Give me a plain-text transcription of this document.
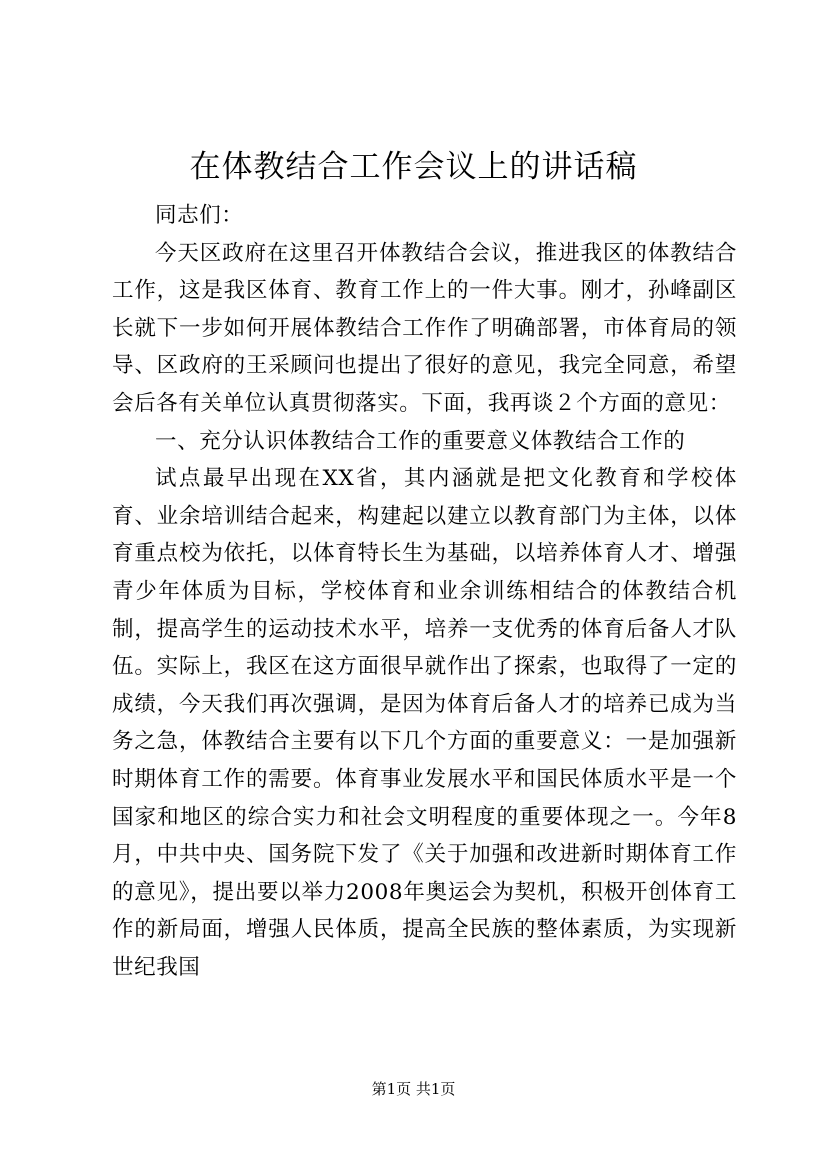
在体教结合工作会议上的讲话稿

同志们：

今天区政府在这里召开体教结合会议，推进我区的体教结合工作，这是我区体育、教育工作上的一件大事。刚才，孙峰副区长就下一步如何开展体教结合工作作了明确部署，市体育局的领导、区政府的王采顾问也提出了很好的意见，我完全同意，希望会后各有关单位认真贯彻落实。下面，我再谈２个方面的意见：

一、充分认识体教结合工作的重要意义体教结合工作的

试点最早出现在XX省，其内涵就是把文化教育和学校体育、业余培训结合起来，构建起以建立以教育部门为主体，以体育重点校为依托，以体育特长生为基础，以培养体育人才、增强青少年体质为目标，学校体育和业余训练相结合的体教结合机制，提高学生的运动技术水平，培养一支优秀的体育后备人才队伍。实际上，我区在这方面很早就作出了探索，也取得了一定的成绩，今天我们再次强调，是因为体育后备人才的培养已成为当务之急，体教结合主要有以下几个方面的重要意义：一是加强新时期体育工作的需要。体育事业发展水平和国民体质水平是一个国家和地区的综合实力和社会文明程度的重要体现之一。今年8月，中共中央、国务院下发了《关于加强和改进新时期体育工作的意见》，提出要以举力2008年奥运会为契机，积极开创体育工作的新局面，增强人民体质，提高全民族的整体素质，为实现新世纪我国

第1页 共1页
